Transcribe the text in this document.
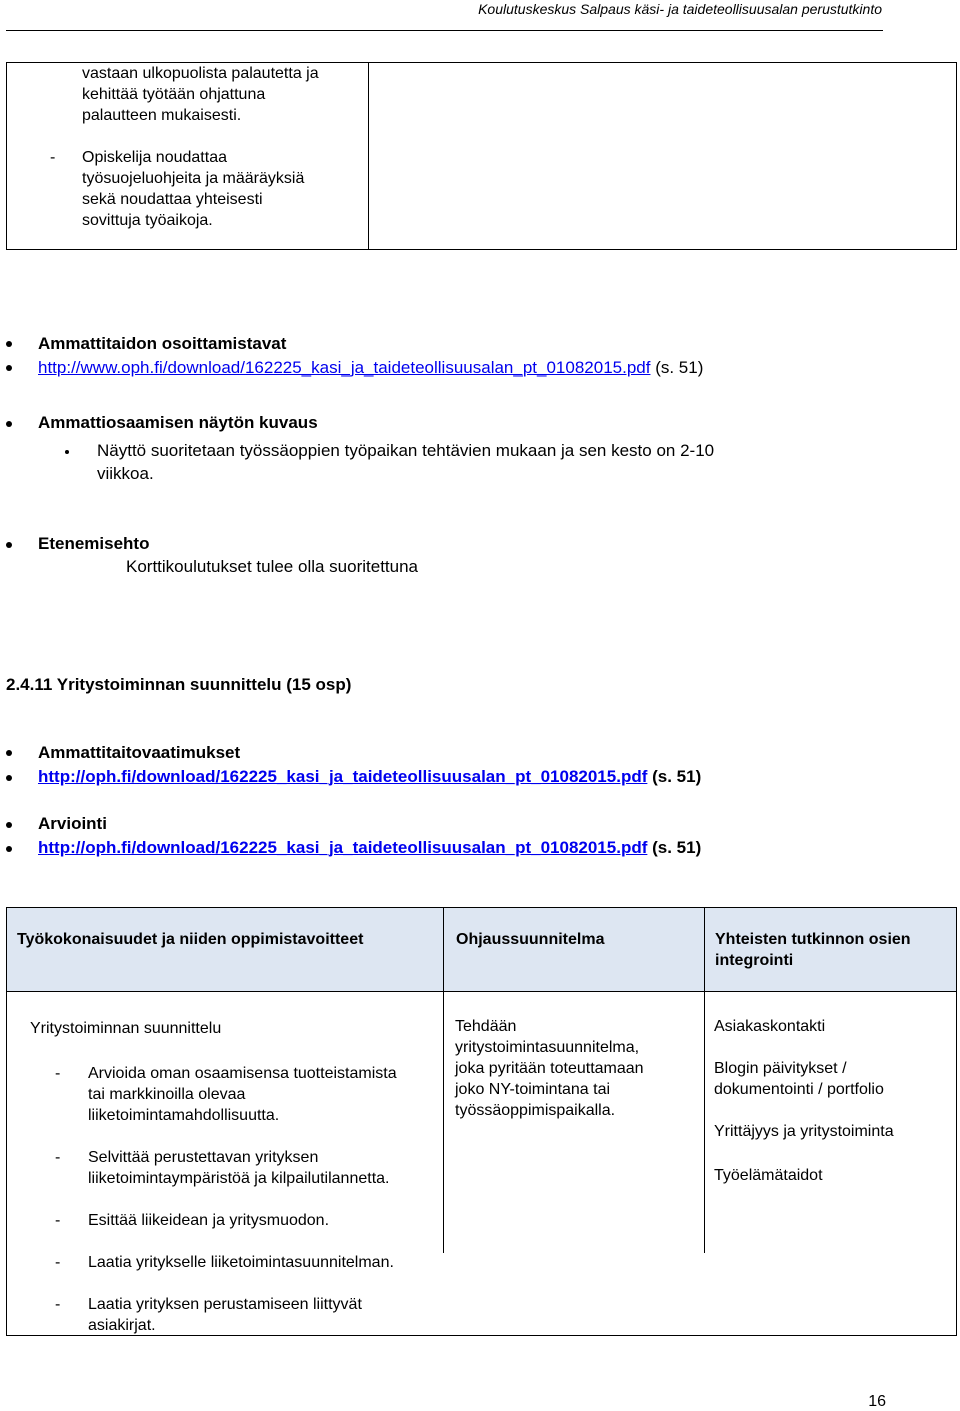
Koulutuskeskus Salpaus käsi- ja taideteollisuusalan perustutkinto
vastaan ulkopuolista palautetta ja
kehittää työtään ohjattuna
palautteen mukaisesti.
- Opiskelija noudattaa
työsuojeluohjeita ja määräyksiä
sekä noudattaa yhteisesti
sovittuja työaikoja.
Ammattitaidon osoittamistavat
http://www.oph.fi/download/162225_kasi_ja_taideteollisuusalan_pt_01082015.pdf (s. 51)
Ammattiosaamisen näytön kuvaus
Näyttö suoritetaan työssäoppien työpaikan tehtävien mukaan ja sen kesto on 2-10
viikkoa.
Etenemisehto
Korttikoulutukset tulee olla suoritettuna
2.4.11 Yritystoiminnan suunnittelu (15 osp)
Ammattitaitovaatimukset
http://oph.fi/download/162225_kasi_ja_taideteollisuusalan_pt_01082015.pdf (s. 51)
Arviointi
http://oph.fi/download/162225_kasi_ja_taideteollisuusalan_pt_01082015.pdf (s. 51)
Työkokonaisuudet ja niiden oppimistavoitteet	Ohjaussuunnitelma	Yhteisten tutkinnon osien integrointi
Yritystoiminnan suunnittelu
- Arvioida oman osaamisensa tuotteistamista
tai markkinoilla olevaa
liiketoimintamahdollisuutta.
- Selvittää perustettavan yrityksen
liiketoimintaympäristöä ja kilpailutilannetta.
- Esittää liikeidean ja yritysmuodon.
- Laatia yritykselle liiketoimintasuunnitelman.
- Laatia yrityksen perustamiseen liittyvät
asiakirjat.
Tehdään
yritystoimintasuunnitelma,
joka pyritään toteuttamaan
joko NY-toimintana tai
työssäoppimispaikalla.
Asiakaskontakti
Blogin päivitykset /
dokumentointi / portfolio
Yrittäjyys ja yritystoiminta
Työelämätaidot
16
